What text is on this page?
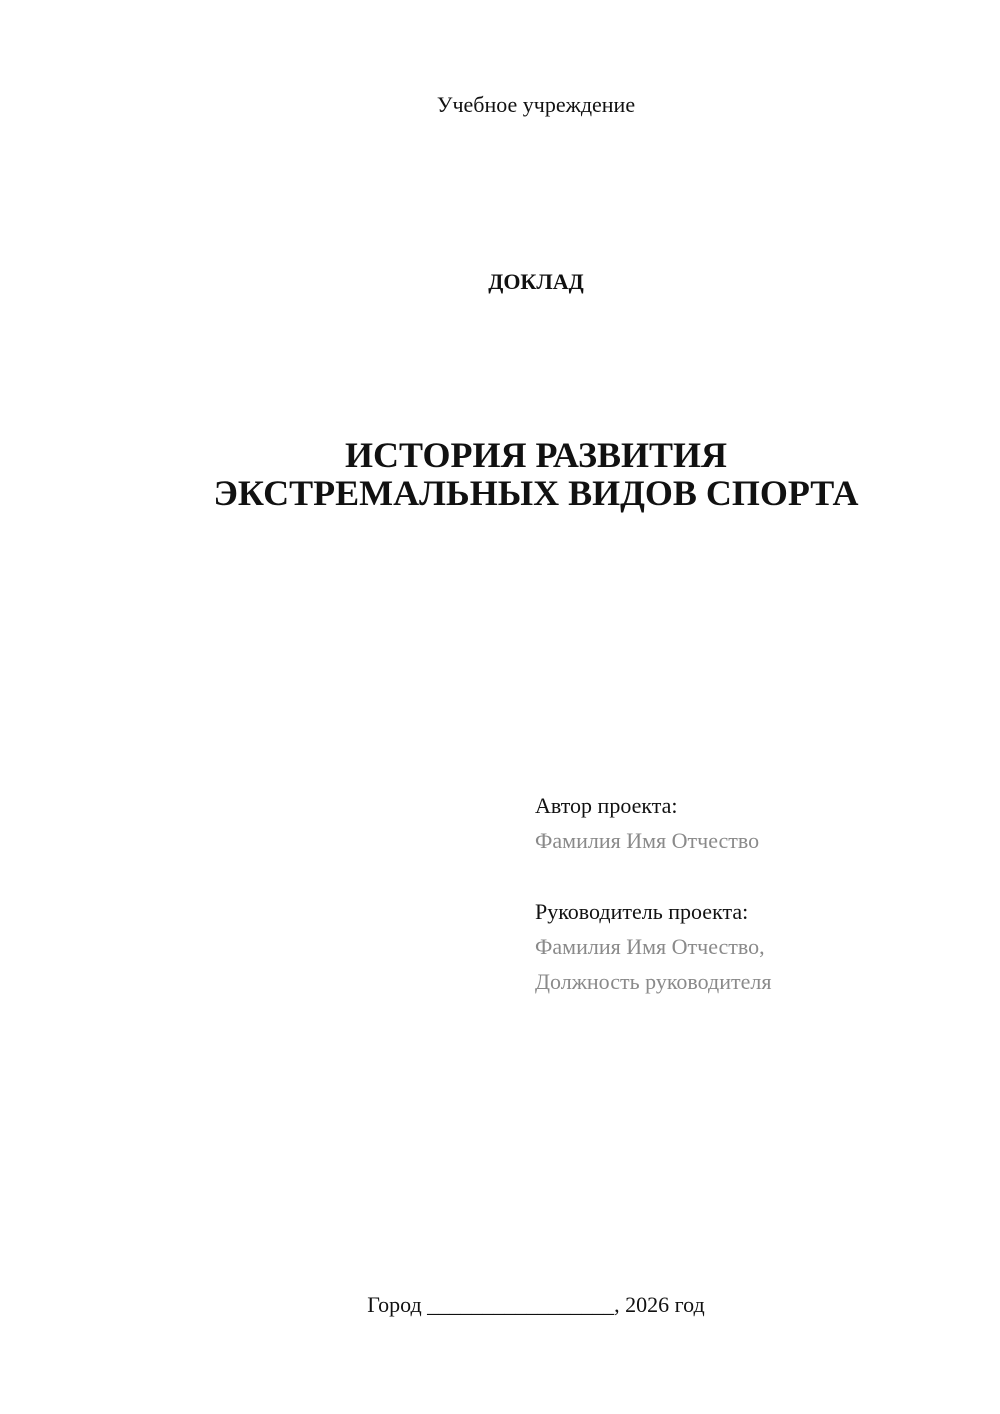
Учебное учреждение
ДОКЛАД
ИСТОРИЯ РАЗВИТИЯ
ЭКСТРЕМАЛЬНЫХ ВИДОВ СПОРТА
Автор проекта:
Фамилия Имя Отчество
Руководитель проекта:
Фамилия Имя Отчество,
Должность руководителя
Город _________________, 2026 год
